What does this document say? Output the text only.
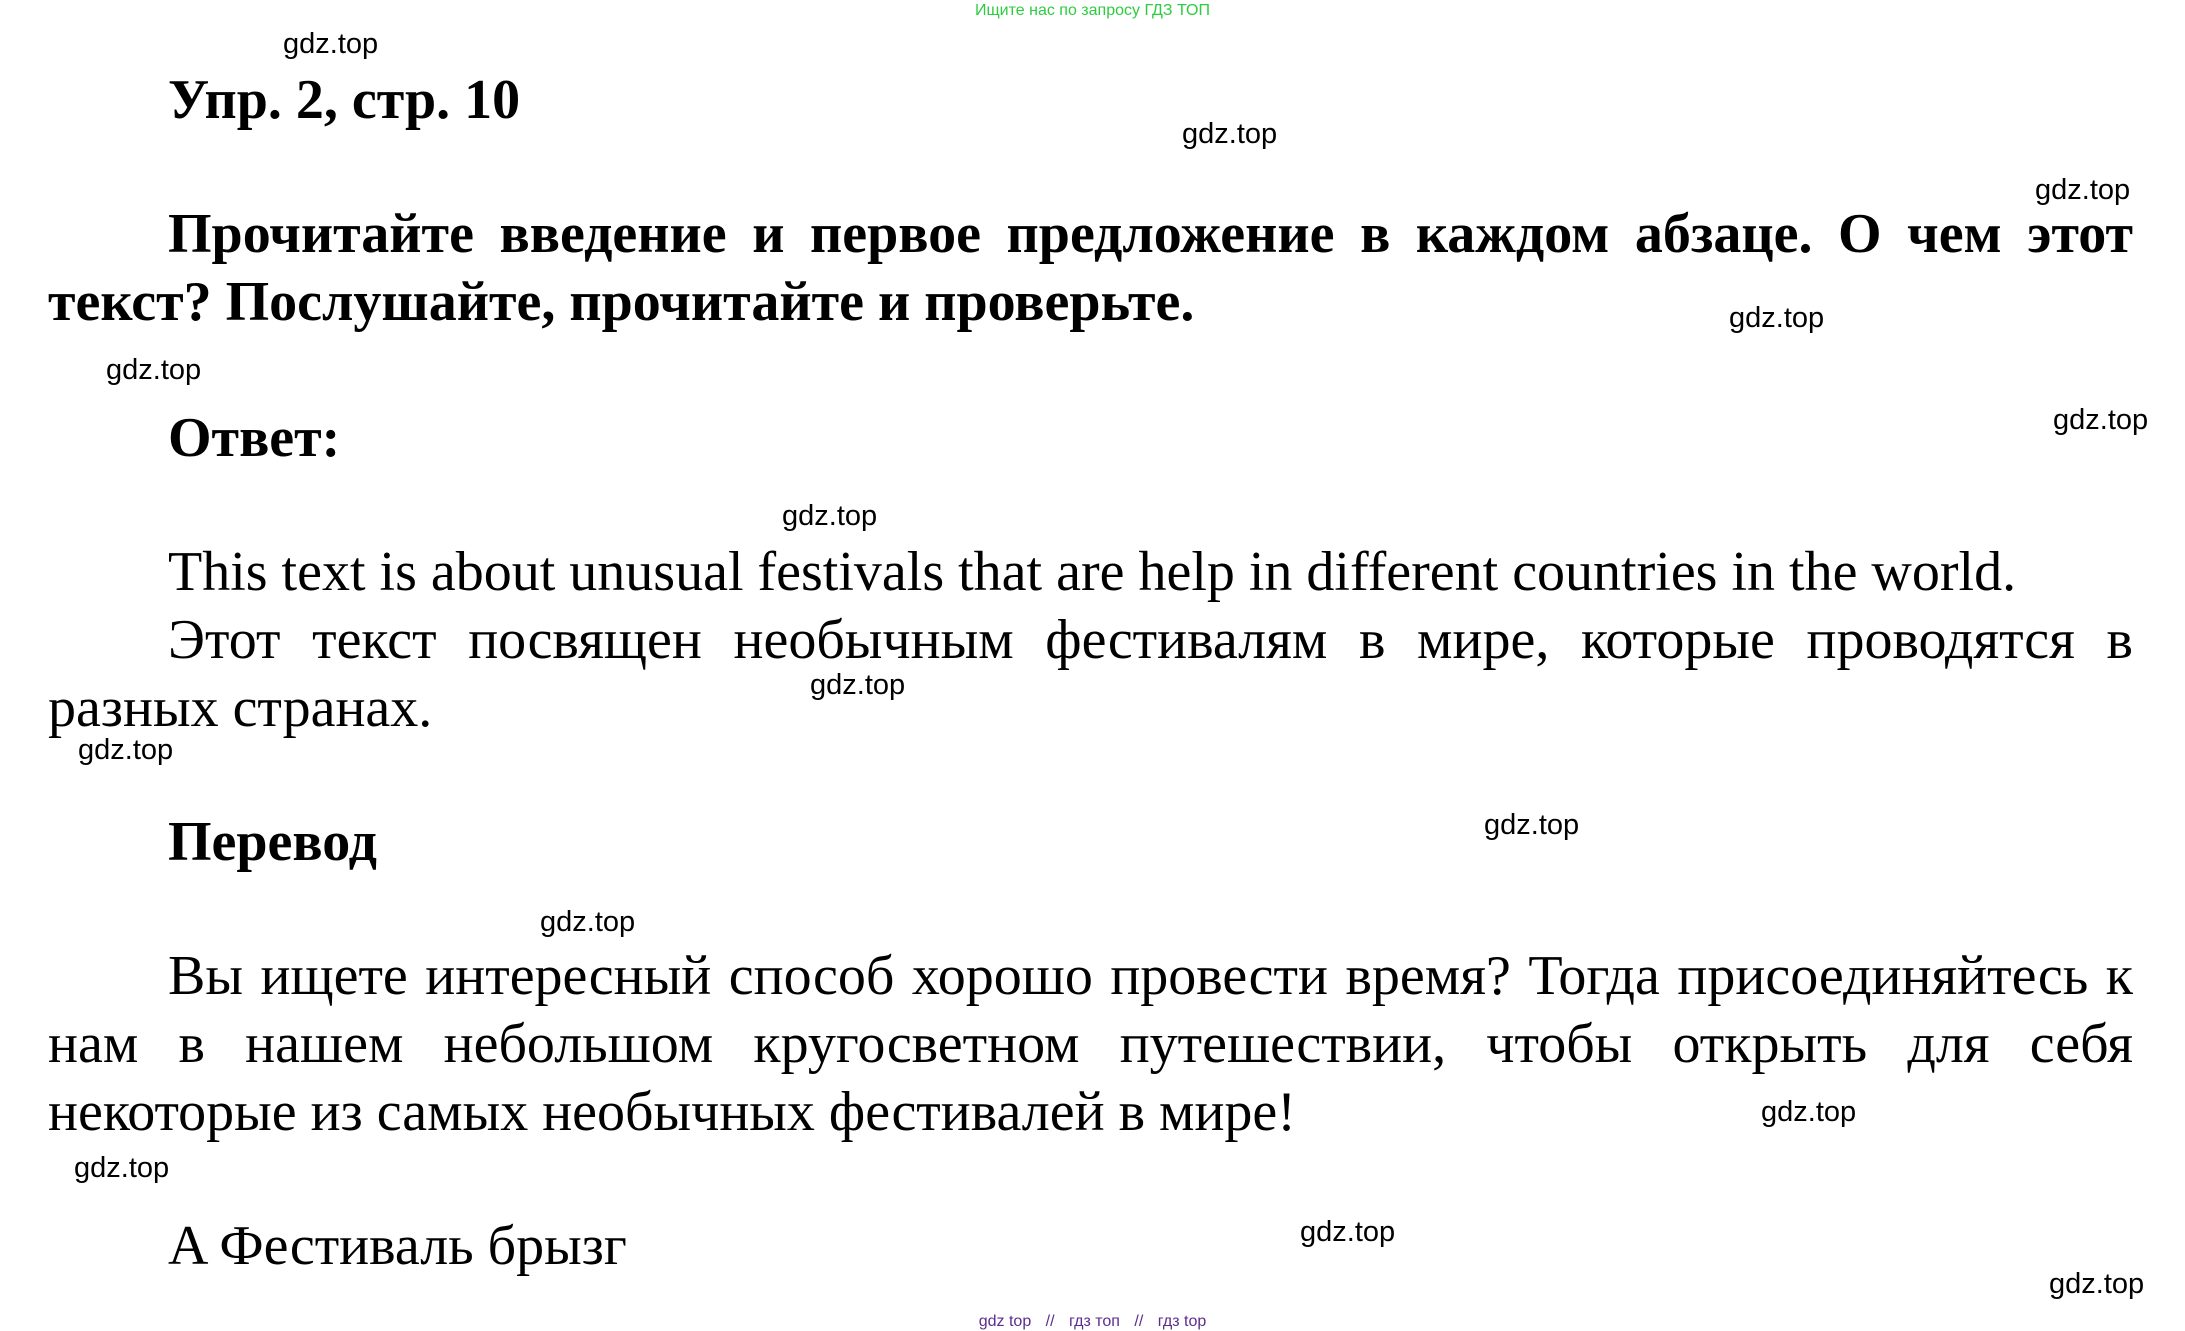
Ищите нас по запросу ГДЗ ТОП
Упр. 2, стр. 10

Прочитайте введение и первое предложение в каждом абзаце. О чем этот текст? Послушайте, прочитайте и проверьте.

Ответ:

This text is about unusual festivals that are help in different countries in the world.

Этот текст посвящен необычным фестивалям в мире, которые проводятся в разных странах.

Перевод

Вы ищете интересный способ хорошо провести время? Тогда присоединяйтесь к нам в нашем небольшом кругосветном путешествии, чтобы открыть для себя некоторые из самых необычных фестивалей в мире!

A Фестиваль брызг

gdz.top
gdz.top
gdz.top
gdz.top
gdz.top
gdz.top
gdz.top
gdz.top
gdz.top
gdz.top
gdz.top
gdz.top
gdz.top
gdz.top
gdz.top
gdz top // гдз топ // гдз top
